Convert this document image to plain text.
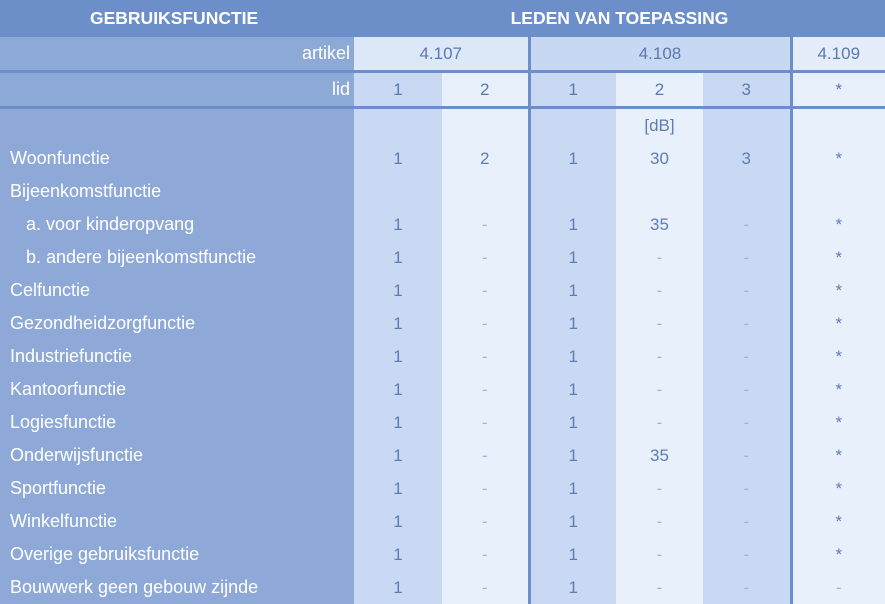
GEBRUIKSFUNCTIE	LEDEN VAN TOEPASSING					
artikel	4.107		4.108			4.109
lid	1	2	1	2	3	*
				[dB]		
Woonfunctie	1	2	1	30	3	*
Bijeenkomstfunctie						
a. voor kinderopvang	1	-	1	35	-	*
b. andere bijeenkomstfunctie	1	-	1	-	-	*
Celfunctie	1	-	1	-	-	*
Gezondheidzorgfunctie	1	-	1	-	-	*
Industriefunctie	1	-	1	-	-	*
Kantoorfunctie	1	-	1	-	-	*
Logiesfunctie	1	-	1	-	-	*
Onderwijsfunctie	1	-	1	35	-	*
Sportfunctie	1	-	1	-	-	*
Winkelfunctie	1	-	1	-	-	*
Overige gebruiksfunctie	1	-	1	-	-	*
Bouwwerk geen gebouw zijnde	1	-	1	-	-	-
